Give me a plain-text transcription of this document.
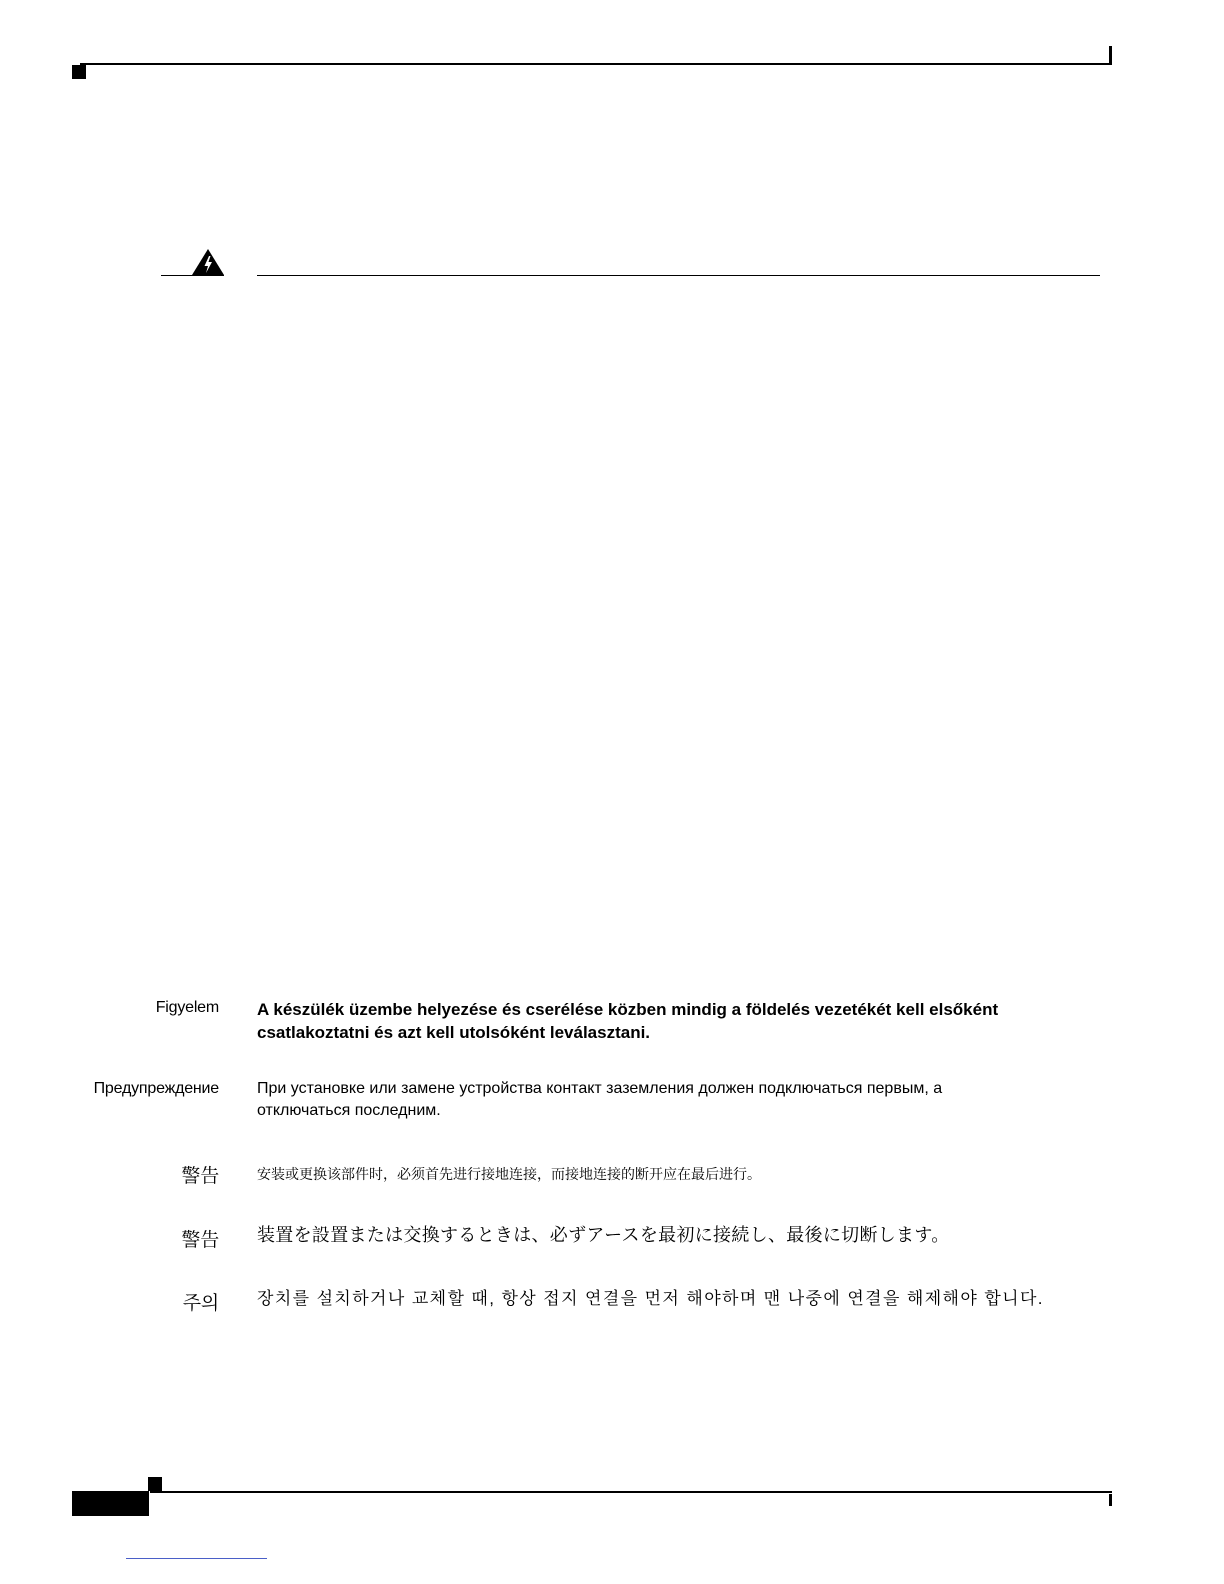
Figyelem A készülék üzembe helyezése és cserélése közben mindig a földelés vezetékét kell elsőként csatlakoztatni és azt kell utolsóként leválasztani.
Предупреждение При установке или замене устройства контакт заземления должен подключаться первым, а отключаться последним.
警告	安装或更换该部件时，必须首先进行接地连接，而接地连接的断开应在最后进行。
警告 装置を設置または交換するときは、必ずアースを最初に接続し、最後に切断します。
주의 장치를 설치하거나 교체할 때, 항상 접지 연결을 먼저 해야하며 맨 나중에 연결을 해제해야 합니다.
